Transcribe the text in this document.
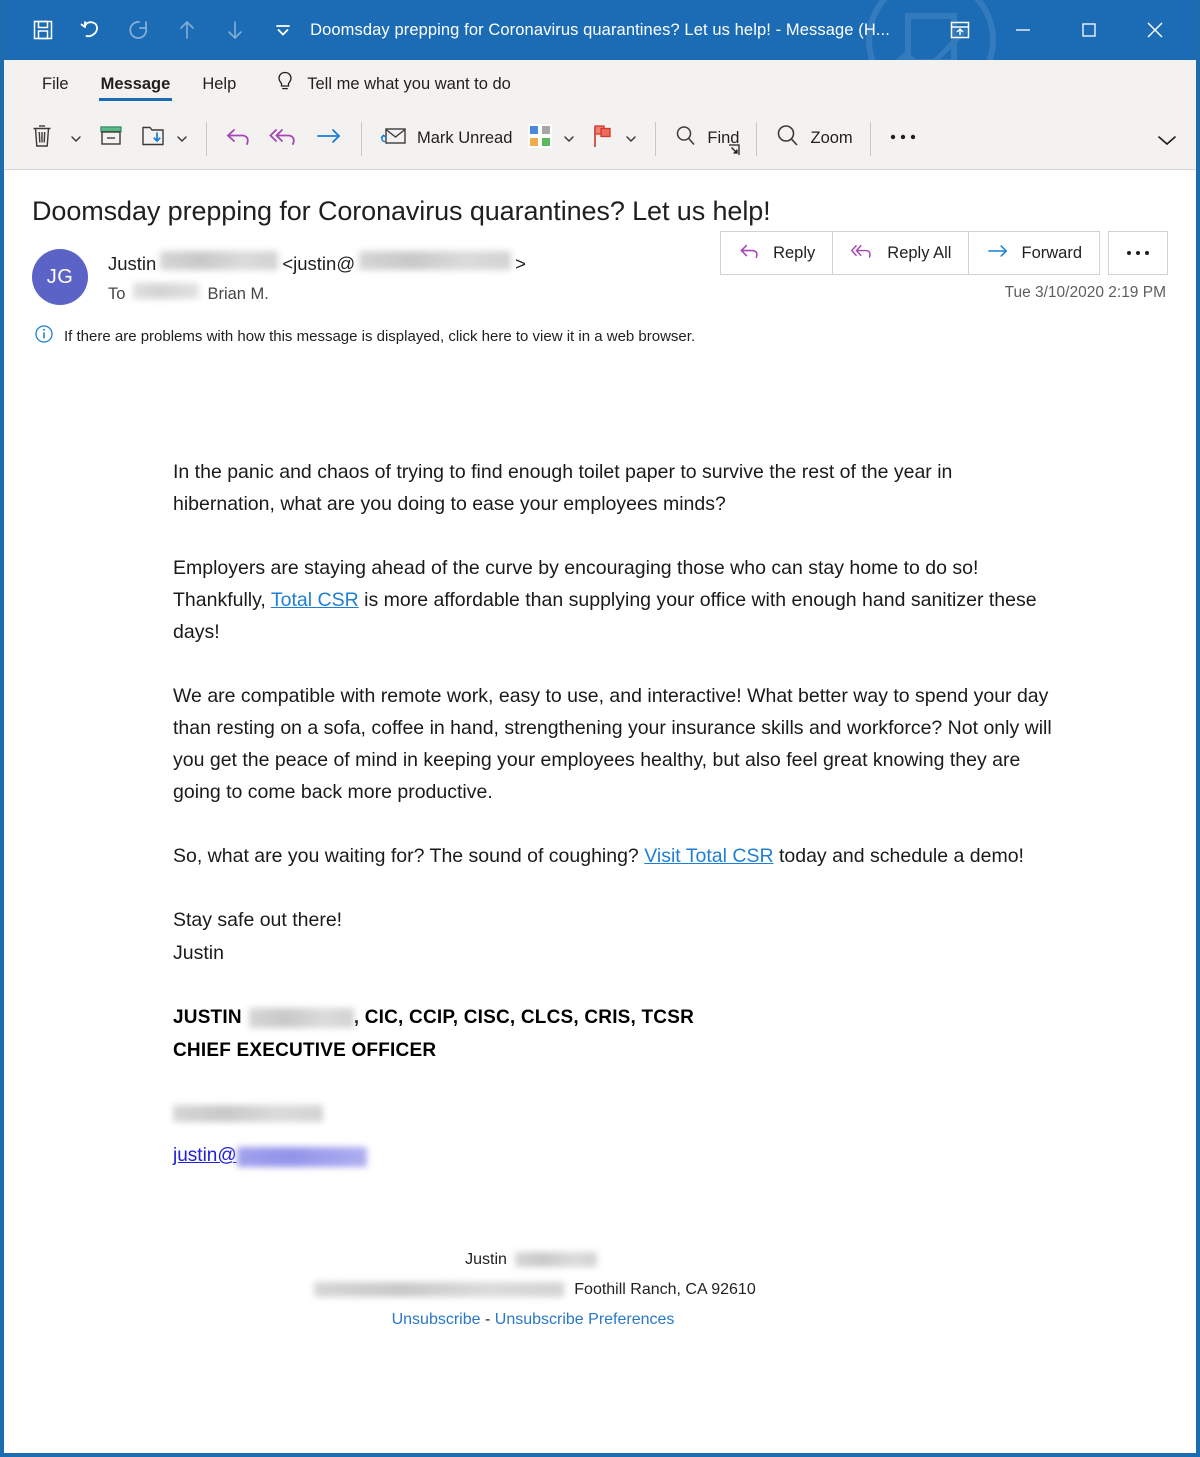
Doomsday prepping for Coronavirus quarantines? Let us help! - Message (H...
File	Message	Help	Tell me what you want to do
Mark Unread	Find	Zoom
Doomsday prepping for Coronavirus quarantines? Let us help!
JG
Justin	<justin@	>
To	Brian M.
Reply	Reply All	Forward
Tue 3/10/2020 2:19 PM
If there are problems with how this message is displayed, click here to view it in a web browser.

In the panic and chaos of trying to find enough toilet paper to survive the rest of the year in hibernation, what are you doing to ease your employees minds?

Employers are staying ahead of the curve by encouraging those who can stay home to do so! Thankfully, Total CSR is more affordable than supplying your office with enough hand sanitizer these days!

We are compatible with remote work, easy to use, and interactive! What better way to spend your day than resting on a sofa, coffee in hand, strengthening your insurance skills and workforce? Not only will you get the peace of mind in keeping your employees healthy, but also feel great knowing they are going to come back more productive.

So, what are you waiting for? The sound of coughing? Visit Total CSR today and schedule a demo!

Stay safe out there!

Justin

JUSTIN	, CIC, CCIP, CISC, CLCS, CRIS, TCSR
CHIEF EXECUTIVE OFFICER
justin@
Justin
Foothill Ranch, CA 92610
Unsubscribe - Unsubscribe Preferences
